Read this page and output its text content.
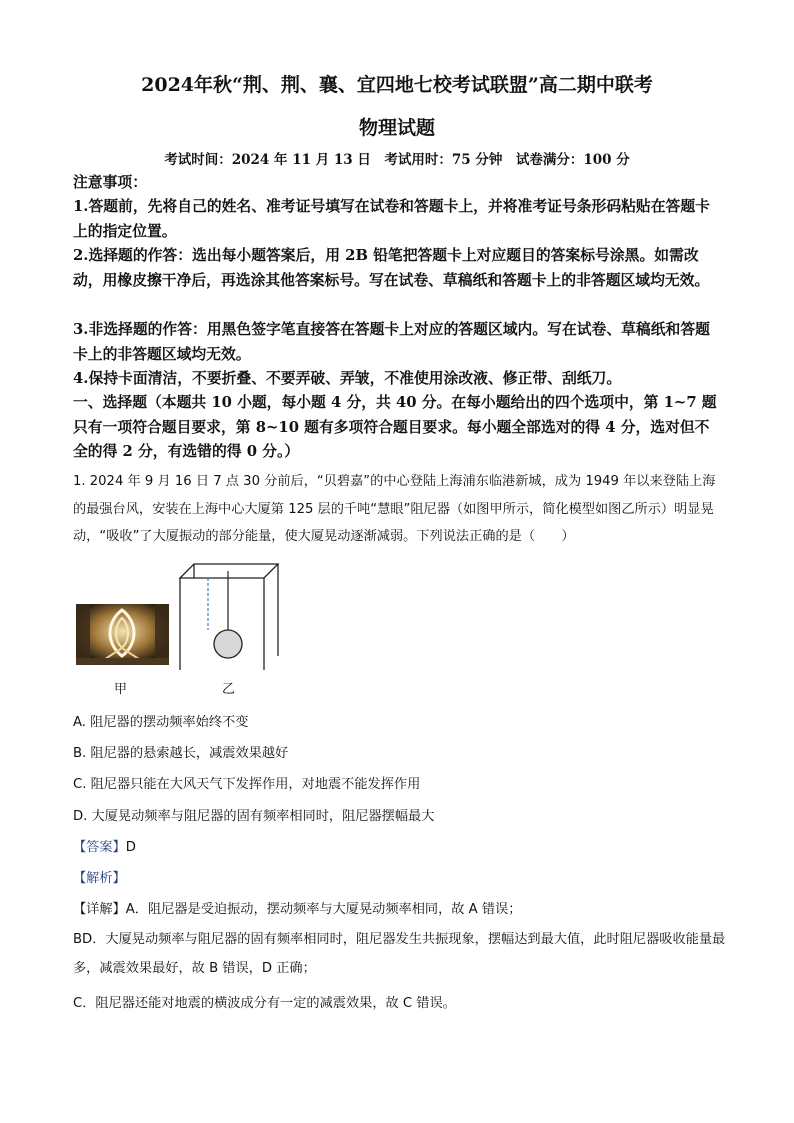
2024年秋“荆、荆、襄、宜四地七校考试联盟”高二期中联考
物理试题
考试时间：2024 年 11 月 13 日　考试用时：75 分钟　试卷满分：100 分

注意事项：

1.答题前，先将自己的姓名、准考证号填写在试卷和答题卡上，并将准考证号条形码粘贴在答题卡上的指定位置。

2.选择题的作答：选出每小题答案后，用 2B 铅笔把答题卡上对应题目的答案标号涂黑。如需改动，用橡皮擦干净后，再选涂其他答案标号。写在试卷、草稿纸和答题卡上的非答题区域均无效。

3.非选择题的作答：用黑色签字笔直接答在答题卡上对应的答题区域内。写在试卷、草稿纸和答题卡上的非答题区域均无效。

4.保持卡面清洁，不要折叠、不要弄破、弄皱，不准使用涂改液、修正带、刮纸刀。

一、选择题（本题共 10 小题，每小题 4 分，共 40 分。在每小题给出的四个选项中，第 1~7 题只有一项符合题目要求，第 8~10 题有多项符合题目要求。每小题全部选对的得 4 分，选对但不全的得 2 分，有选错的得 0 分。）

1. 2024 年 9 月 16 日 7 点 30 分前后，“贝碧嘉”的中心登陆上海浦东临港新城，成为 1949 年以来登陆上海的最强台风，安装在上海中心大厦第 125 层的千吨“慧眼”阻尼器（如图甲所示，简化模型如图乙所示）明显晃动，“吸收”了大厦振动的部分能量，使大厦晃动逐渐减弱。下列说法正确的是（　　）

甲	乙

A. 阻尼器的摆动频率始终不变

B. 阻尼器的悬索越长，减震效果越好

C. 阻尼器只能在大风天气下发挥作用，对地震不能发挥作用

D. 大厦晃动频率与阻尼器的固有频率相同时，阻尼器摆幅最大

【答案】D

【解析】

【详解】A．阻尼器是受迫振动，摆动频率与大厦晃动频率相同，故 A 错误；

BD．大厦晃动频率与阻尼器的固有频率相同时，阻尼器发生共振现象，摆幅达到最大值，此时阻尼器吸收能量最多，减震效果最好，故 B 错误，D 正确；

C．阻尼器还能对地震的横波成分有一定的减震效果，故 C 错误。
